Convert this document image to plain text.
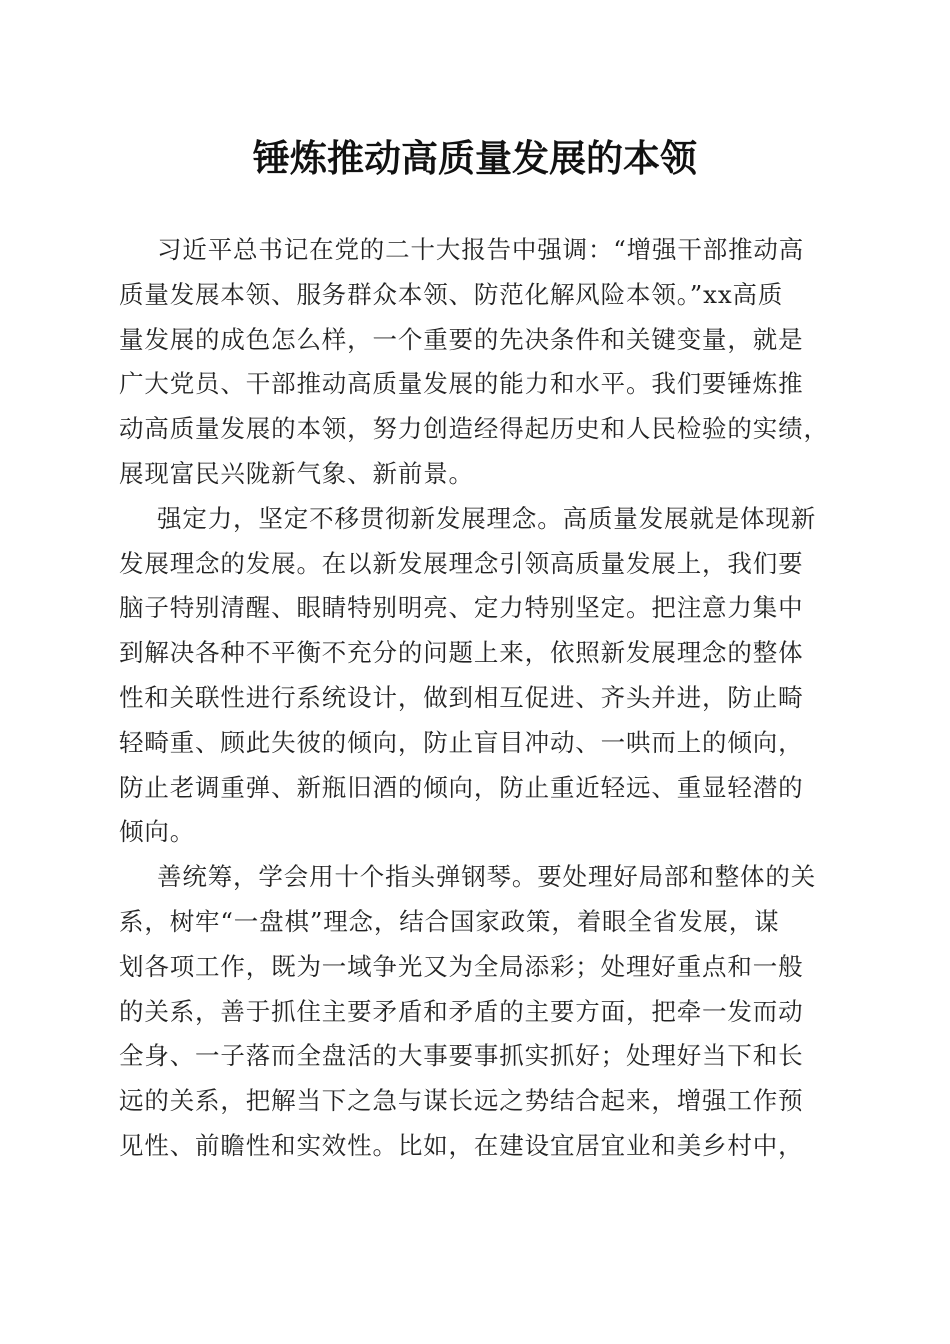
锤炼推动高质量发展的本领
习近平总书记在党的二十大报告中强调：“增强干部推动高
质量发展本领、服务群众本领、防范化解风险本领。”xx高质
量发展的成色怎么样，一个重要的先决条件和关键变量，就是
广大党员、干部推动高质量发展的能力和水平。我们要锤炼推
动高质量发展的本领，努力创造经得起历史和人民检验的实绩，
展现富民兴陇新气象、新前景。
强定力，坚定不移贯彻新发展理念。高质量发展就是体现新
发展理念的发展。在以新发展理念引领高质量发展上，我们要
脑子特别清醒、眼睛特别明亮、定力特别坚定。把注意力集中
到解决各种不平衡不充分的问题上来，依照新发展理念的整体
性和关联性进行系统设计，做到相互促进、齐头并进，防止畸
轻畸重、顾此失彼的倾向，防止盲目冲动、一哄而上的倾向，
防止老调重弹、新瓶旧酒的倾向，防止重近轻远、重显轻潜的
倾向。
善统筹，学会用十个指头弹钢琴。要处理好局部和整体的关
系，树牢“一盘棋”理念，结合国家政策，着眼全省发展，谋
划各项工作，既为一域争光又为全局添彩；处理好重点和一般
的关系，善于抓住主要矛盾和矛盾的主要方面，把牵一发而动
全身、一子落而全盘活的大事要事抓实抓好；处理好当下和长
远的关系，把解当下之急与谋长远之势结合起来，增强工作预
见性、前瞻性和实效性。比如，在建设宜居宜业和美乡村中，
